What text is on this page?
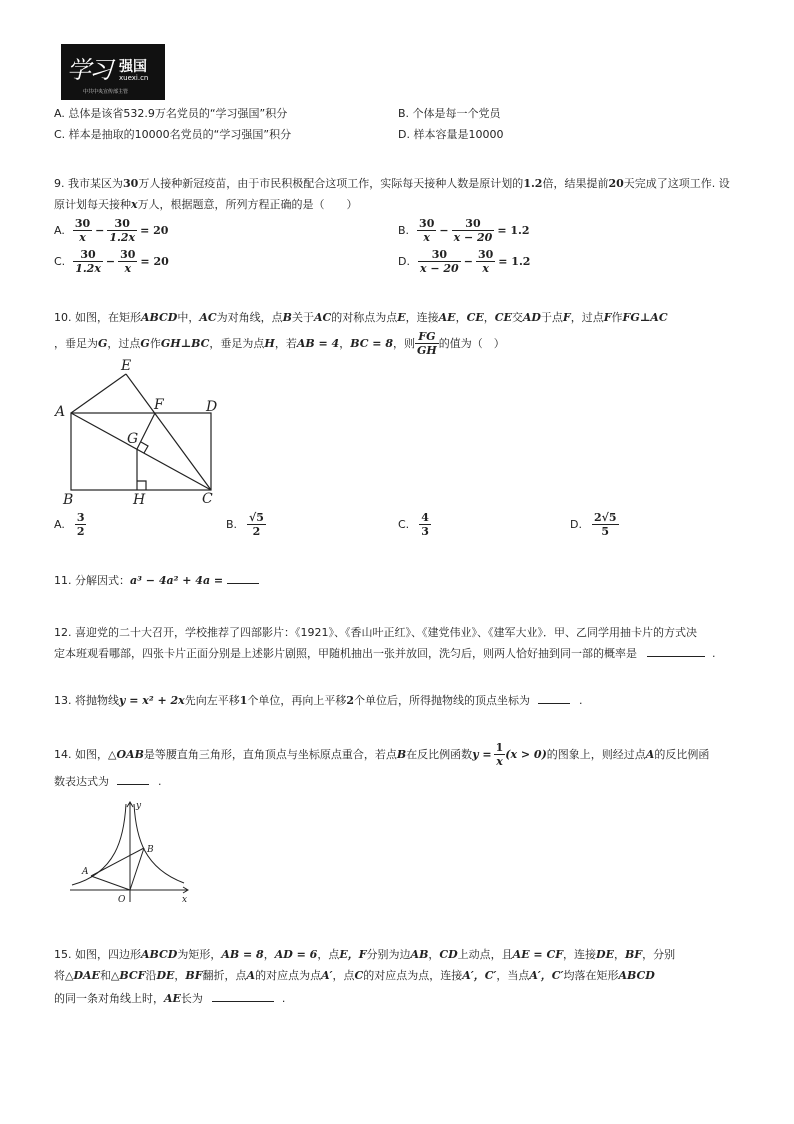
学习 强国
xuexi.cn
中共中央宣传部主管
A. 总体是该省532.9万名党员的“学习强国”积分	B. 个体是每一个党员
C. 样本是抽取的10000名党员的“学习强国”积分	D. 样本容量是10000
9. 我市某区为30万人接种新冠疫苗，由于市民积极配合这项工作，实际每天接种人数是原计划的1.2倍，结果提前20天完成了这项工作. 设
原计划每天接种x万人，根据题意，所列方程正确的是（　　）
A. $\frac{30}{x} - \frac{30}{1.2x} = 20$	B. $\frac{30}{x} - \frac{30}{x - 20} = 1.2$
C. $\frac{30}{1.2x} - \frac{30}{x} = 20$	D. $\frac{30}{x - 20} - \frac{30}{x} = 1.2$
10. 如图，在矩形ABCD中，AC为对角线，点B关于AC的对称点为点E，连接AE，CE，CE交AD于点F，过点F作FG⊥AC
，垂足为 G ，过点 G 作 GH⊥BC ，垂足为点 H ，若 AB = 4 ， BC = 8 ，则 $\frac{FG}{GH}$ 的值为（　）
E
A	F	D
G
B	H	C
A. $\frac{3}{2}$	B. $\frac{√5}{2}$	C. $\frac{4}{3}$	D. $\frac{2√5}{5}$
11. 分解因式：a³ − 4a² + 4a =
12. 喜迎党的二十大召开，学校推荐了四部影片：《1921》、《香山叶正红》、《建党伟业》、《建军大业》．甲、乙同学用抽卡片的方式决
定本班观看哪部，四张卡片正面分别是上述影片剧照，甲随机抽出一张并放回，洗匀后，则两人恰好抽到同一部的概率是	.
13. 将抛物线y = x² + 2x先向左平移1个单位，再向上平移2个单位后，所得抛物线的顶点坐标为	.
14. 如图， △OAB 是等腰直角三角形，直角顶点与坐标原点重合，若点 B 在反比例函数 $y = \frac{1}{x} (x > 0)$ 的图象上，则经过点 A 的反比例函
数表达式为	.
y
B
A
O	x
15. 如图，四边形ABCD为矩形，AB = 8，AD = 6，点E，F分别为边AB，CD上动点，且AE = CF，连接DE，BF，分别
将△DAE和△BCF沿DE，BF翻折，点A的对应点为点A′，点C的对应点为点，连接A′，C′，当点A′，C′均落在矩形ABCD
的同一条对角线上时，AE长为	.
